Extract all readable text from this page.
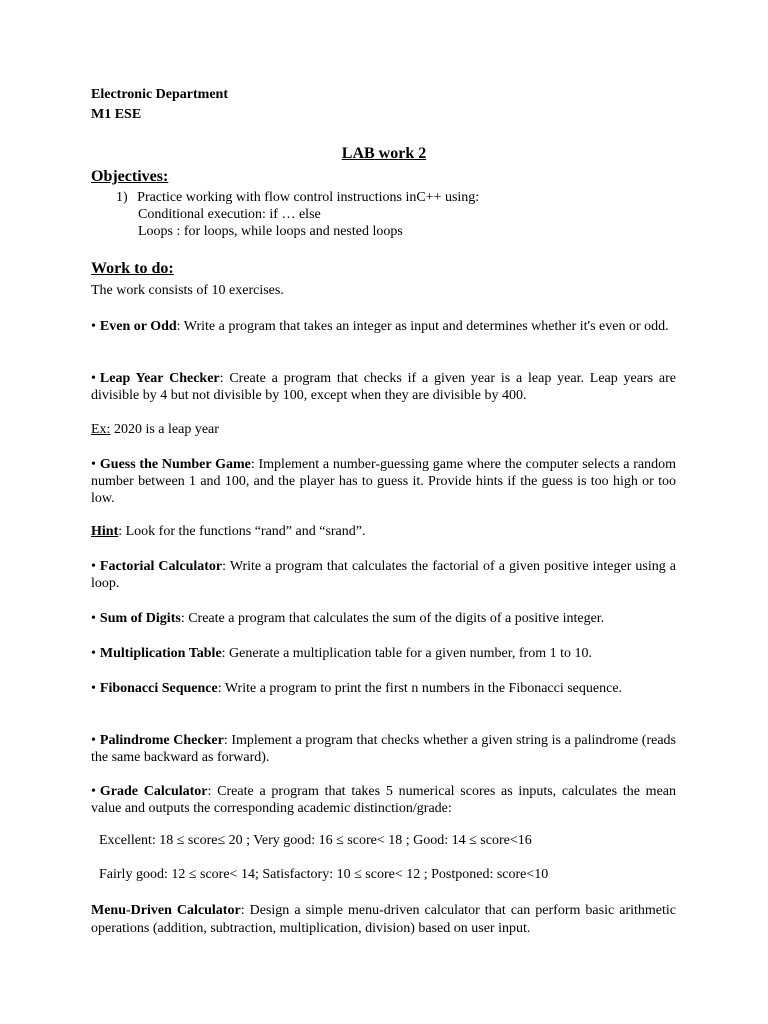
Electronic Department
M1 ESE
LAB work 2
Objectives:
1) Practice working with flow control instructions inC++ using:
Conditional execution: if … else
Loops : for loops, while loops and nested loops
Work to do:
The work consists of 10 exercises.
• Even or Odd: Write a program that takes an integer as input and determines whether it's even or odd.
• Leap Year Checker: Create a program that checks if a given year is a leap year. Leap years are divisible by 4 but not divisible by 100, except when they are divisible by 400.
Ex: 2020 is a leap year
• Guess the Number Game: Implement a number-guessing game where the computer selects a random number between 1 and 100, and the player has to guess it. Provide hints if the guess is too high or too low.
Hint: Look for the functions “rand” and “srand”.
• Factorial Calculator: Write a program that calculates the factorial of a given positive integer using a loop.
• Sum of Digits: Create a program that calculates the sum of the digits of a positive integer.
• Multiplication Table: Generate a multiplication table for a given number, from 1 to 10.
• Fibonacci Sequence: Write a program to print the first n numbers in the Fibonacci sequence.
• Palindrome Checker: Implement a program that checks whether a given string is a palindrome (reads the same backward as forward).
• Grade Calculator: Create a program that takes 5 numerical scores as inputs, calculates the mean value and outputs the corresponding academic distinction/grade:
Excellent: 18 ≤ score≤ 20 ; Very good: 16 ≤ score< 18 ; Good: 14 ≤ score<16
Fairly good: 12 ≤ score< 14; Satisfactory: 10 ≤ score< 12 ; Postponed: score<10
Menu-Driven Calculator: Design a simple menu-driven calculator that can perform basic arithmetic operations (addition, subtraction, multiplication, division) based on user input.
